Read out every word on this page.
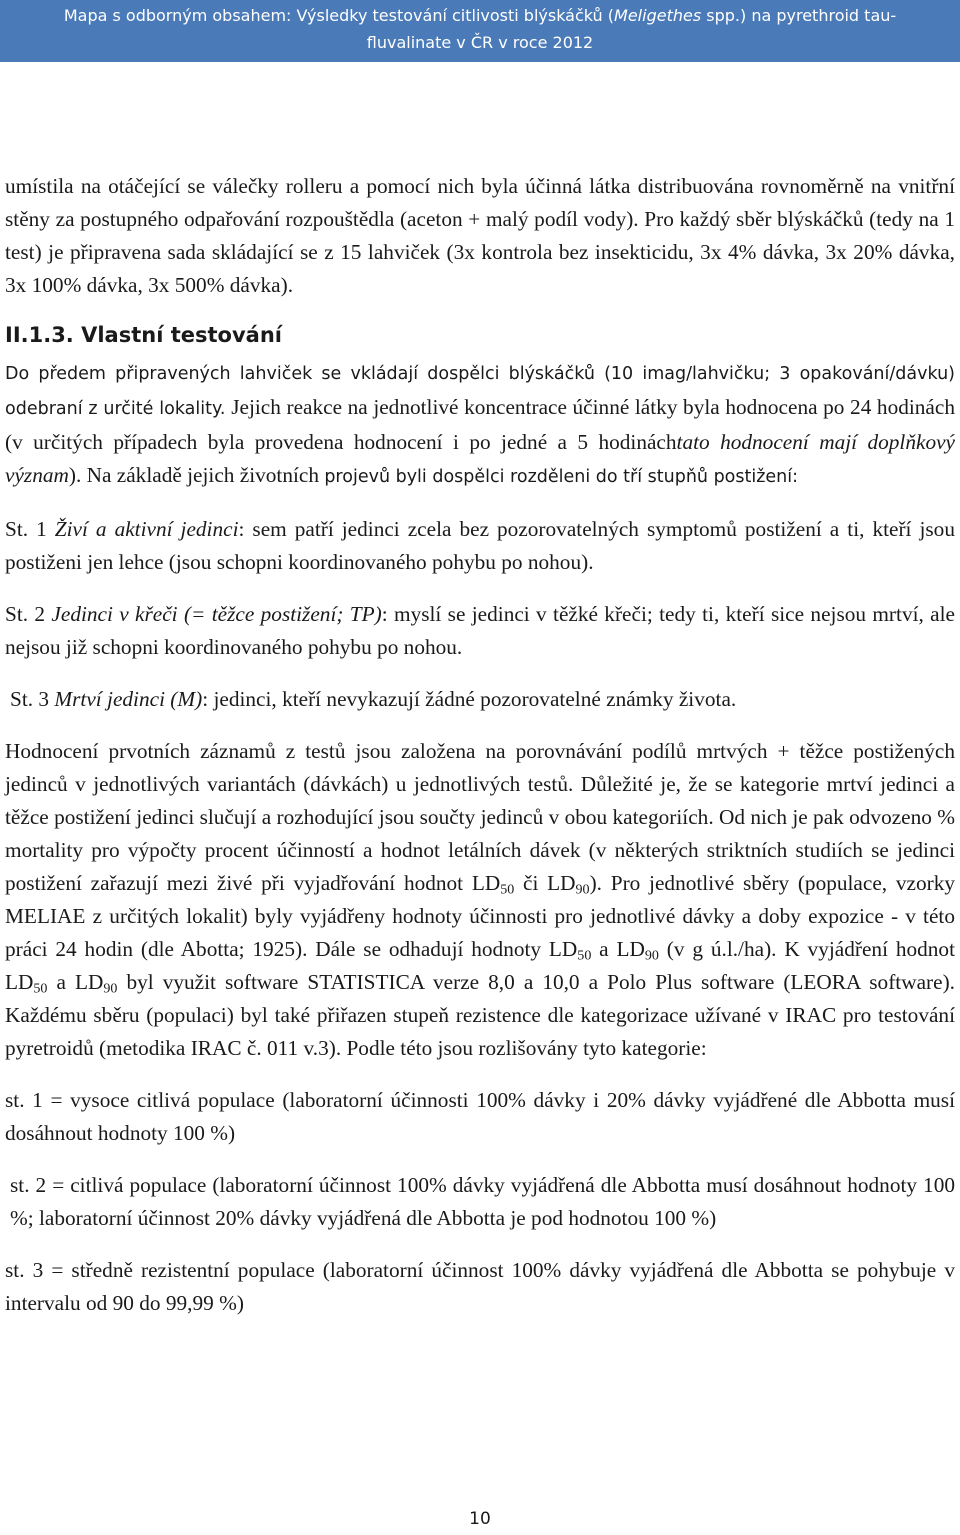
Mapa s odborným obsahem: Výsledky testování citlivosti blýskáčků (Meligethes spp.) na pyrethroid tau-
fluvalinate v ČR v roce 2012

umístila na otáčející se válečky rolleru a pomocí nich byla účinná látka distribuována rovnoměrně na vnitřní stěny za postupného odpařování rozpouštědla (aceton + malý podíl vody). Pro každý sběr blýskáčků (tedy na 1 test) je připravena sada skládající se z 15 lahviček (3x kontrola bez insekticidu, 3x 4% dávka, 3x 20% dávka, 3x 100% dávka, 3x 500% dávka).

II.1.3. Vlastní testování

Do předem připravených lahviček se vkládají dospělci blýskáčků (10 imag/lahvičku; 3 opakování/dávku) odebraní z určité lokality. Jejich reakce na jednotlivé koncentrace účinné látky byla hodnocena po 24 hodinách (v určitých případech byla provedena hodnocení i po jedné a 5 hodináchtato hodnocení mají doplňkový význam). Na základě jejich životních projevů byli dospělci rozděleni do tří stupňů postižení:

St. 1 Živí a aktivní jedinci: sem patří jedinci zcela bez pozorovatelných symptomů postižení a ti, kteří jsou postiženi jen lehce (jsou schopni koordinovaného pohybu po nohou).

St. 2 Jedinci v křeči (= těžce postižení; TP): myslí se jedinci v těžké křeči; tedy ti, kteří sice nejsou mrtví, ale nejsou již schopni koordinovaného pohybu po nohou.

St. 3 Mrtví jedinci (M): jedinci, kteří nevykazují žádné pozorovatelné známky života.

Hodnocení prvotních záznamů z testů jsou založena na porovnávání podílů mrtvých + těžce postižených jedinců v jednotlivých variantách (dávkách) u jednotlivých testů. Důležité je, že se kategorie mrtví jedinci a těžce postižení jedinci slučují a rozhodující jsou součty jedinců v obou kategoriích. Od nich je pak odvozeno % mortality pro výpočty procent účinností a hodnot letálních dávek (v některých striktních studiích se jedinci postižení zařazují mezi živé při vyjadřování hodnot $LD_{50}$ či $LD_{90}$). Pro jednotlivé sběry (populace, vzorky MELIAE z určitých lokalit) byly vyjádřeny hodnoty účinnosti pro jednotlivé dávky a doby expozice - v této práci 24 hodin (dle Abotta; 1925). Dále se odhadují hodnoty $LD_{50}$ a $LD_{90}$ (v g ú.l./ha). K vyjádření hodnot $LD_{50}$ a $LD_{90}$ byl využit software STATISTICA verze 8,0 a 10,0 a Polo Plus software (LEORA software). Každému sběru (populaci) byl také přiřazen stupeň rezistence dle kategorizace užívané v IRAC pro testování pyretroidů (metodika IRAC č. 011 v.3). Podle této jsou rozlišovány tyto kategorie:

st. 1 = vysoce citlivá populace (laboratorní účinnosti 100% dávky i 20% dávky vyjádřené dle Abbotta musí dosáhnout hodnoty 100 %)

st. 2 = citlivá populace (laboratorní účinnost 100% dávky vyjádřená dle Abbotta musí dosáhnout hodnoty 100 %; laboratorní účinnost 20% dávky vyjádřená dle Abbotta je pod hodnotou 100 %)

st. 3 = středně rezistentní populace (laboratorní účinnost 100% dávky vyjádřená dle Abbotta se pohybuje v intervalu od 90 do 99,99 %)

10
